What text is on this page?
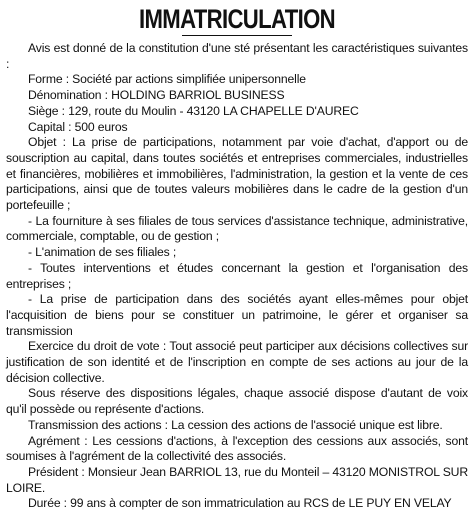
IMMATRICULATION

Avis est donné de la constitution d'une sté présentant les caractéristiques suivantes :

Forme : Société par actions simplifiée unipersonnelle

Dénomination : HOLDING BARRIOL BUSINESS

Siège : 129, route du Moulin - 43120 LA CHAPELLE D'AUREC

Capital : 500 euros

Objet : La prise de participations, notamment par voie d'achat, d'apport ou de souscription au capital, dans toutes sociétés et entreprises commerciales, industrielles et financières, mobilières et immobilières, l'administration, la gestion et la vente de ces participations, ainsi que de toutes valeurs mobilières dans le cadre de la gestion d'un portefeuille ;

- La fourniture à ses filiales de tous services d'assistance technique, administrative, commerciale, comptable, ou de gestion ;

- L'animation de ses filiales ;

- Toutes interventions et études concernant la gestion et l'organisation des entreprises ;

- La prise de participation dans des sociétés ayant elles-mêmes pour objet l'acquisition de biens pour se constituer un patrimoine, le gérer et organiser sa transmission

Exercice du droit de vote : Tout associé peut participer aux décisions collectives sur justification de son identité et de l'inscription en compte de ses actions au jour de la décision collective.

Sous réserve des dispositions légales, chaque associé dispose d'autant de voix qu'il possède ou représente d'actions.

Transmission des actions : La cession des actions de l'associé unique est libre.

Agrément : Les cessions d'actions, à l'exception des cessions aux associés, sont soumises à l'agrément de la collectivité des associés.

Président : Monsieur Jean BARRIOL 13, rue du Monteil – 43120 MONISTROL SUR LOIRE.

Durée : 99 ans à compter de son immatriculation au RCS de LE PUY EN VELAY
